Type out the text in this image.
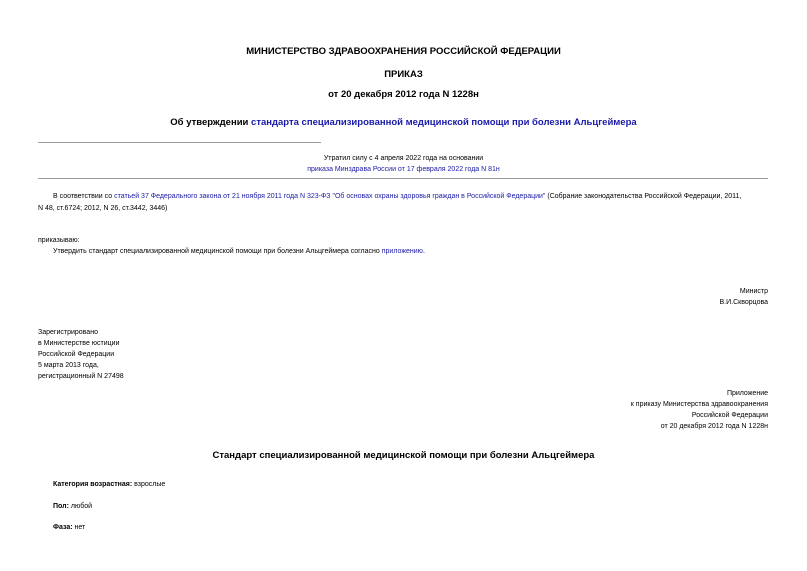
МИНИСТЕРСТВО ЗДРАВООХРАНЕНИЯ РОССИЙСКОЙ ФЕДЕРАЦИИ
ПРИКАЗ
от 20 декабря 2012 года N 1228н
Об утверждении стандарта специализированной медицинской помощи при болезни Альцгеймера
Утратил силу с 4 апреля 2022 года на основании
приказа Минздрава России от 17 февраля 2022 года N 81н
В соответствии со статьей 37 Федерального закона от 21 ноября 2011 года N 323-ФЗ "Об основах охраны здоровья граждан в Российской Федерации" (Собрание законодательства Российской Федерации, 2011,
N 48, ст.6724; 2012, N 26, ст.3442, 3446)
приказываю:
Утвердить стандарт специализированной медицинской помощи при болезни Альцгеймера согласно приложению.
Министр
В.И.Скворцова
Зарегистрировано
в Министерстве юстиции
Российской Федерации
5 марта 2013 года,
регистрационный N 27498
Приложение
к приказу Министерства здравоохранения
Российской Федерации
от 20 декабря 2012 года N 1228н
Стандарт специализированной медицинской помощи при болезни Альцгеймера
Категория возрастная: взрослые
Пол: любой
Фаза: нет
